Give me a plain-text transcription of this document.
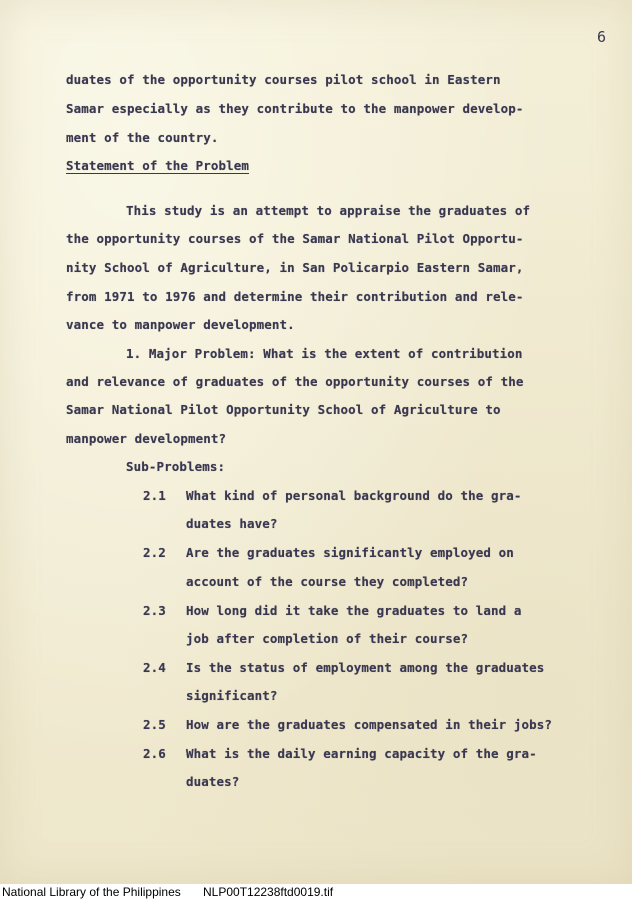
6
duates of the opportunity courses pilot school in Eastern
Samar especially as they contribute to the manpower develop-
ment of the country.
Statement of the Problem
This study is an attempt to appraise the graduates of
the opportunity courses of the Samar National Pilot Opportu-
nity School of Agriculture, in San Policarpio Eastern Samar,
from 1971 to 1976 and determine their contribution and rele-
vance to manpower development.
1. Major Problem: What is the extent of contribution
and relevance of graduates of the opportunity courses of the
Samar National Pilot Opportunity School of Agriculture to
manpower development?
Sub-Problems:
2.1 What kind of personal background do the gra-
duates have?
2.2 Are the graduates significantly employed on
account of the course they completed?
2.3 How long did it take the graduates to land a
job after completion of their course?
2.4 Is the status of employment among the graduates
significant?
2.5 How are the graduates compensated in their jobs?
2.6 What is the daily earning capacity of the gra-
duates?
National Library of the Philippines NLP00T12238ftd0019.tif
